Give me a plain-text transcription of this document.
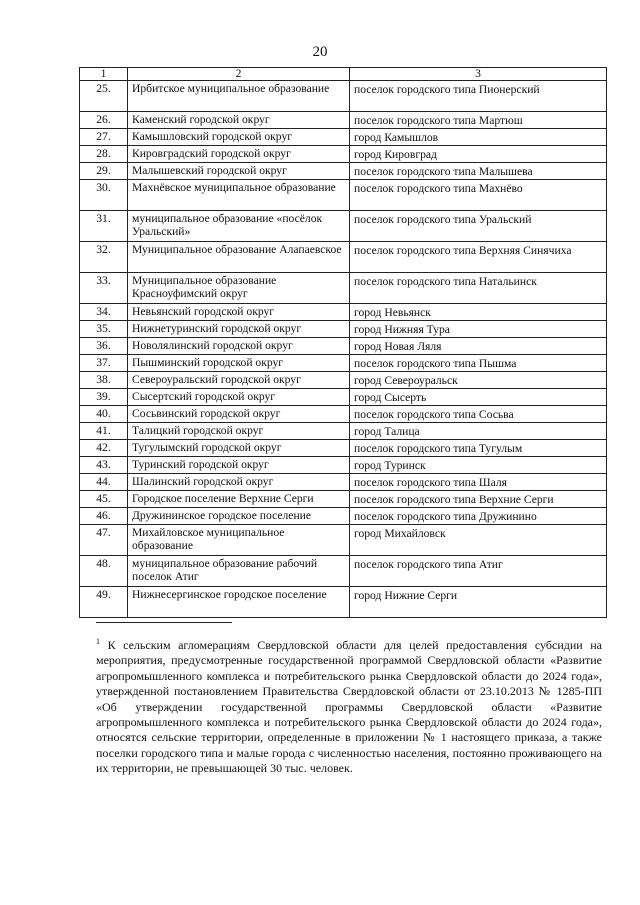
20
1	2	3
25.	Ирбитское муниципальное образование	поселок городского типа Пионерский
26.	Каменский городской округ	поселок городского типа Мартюш
27.	Камышловский городской округ	город Камышлов
28.	Кировградский городской округ	город Кировград
29.	Малышевский городской округ	поселок городского типа Малышева
30.	Махнёвское муниципальное образование	поселок городского типа Махнёво
31.	муниципальное образование «посёлок Уральский»	поселок городского типа Уральский
32.	Муниципальное образование Алапаевское	поселок городского типа Верхняя Синячиха
33.	Муниципальное образование Красноуфимский округ	поселок городского типа Натальинск
34.	Невьянский городской округ	город Невьянск
35.	Нижнетуринский городской округ	город Нижняя Тура
36.	Новолялинский городской округ	город Новая Ляля
37.	Пышминский городской округ	поселок городского типа Пышма
38.	Североуральский городской округ	город Североуральск
39.	Сысертский городской округ	город Сысерть
40.	Сосьвинский городской округ	поселок городского типа Сосьва
41.	Талицкий городской округ	город Талица
42.	Тугулымский городской округ	поселок городского типа Тугулым
43.	Туринский городской округ	город Туринск
44.	Шалинский городской округ	поселок городского типа Шаля
45.	Городское поселение Верхние Серги	поселок городского типа Верхние Серги
46.	Дружининское городское поселение	поселок городского типа Дружинино
47.	Михайловское муниципальное образование	город Михайловск
48.	муниципальное образование рабочий поселок Атиг	поселок городского типа Атиг
49.	Нижнесергинское городское поселение	город Нижние Серги
$^1$ К сельским агломерациям Свердловской области для целей предоставления субсидии на мероприятия, предусмотренные государственной программой Свердловской области «Развитие агропромышленного комплекса и потребительского рынка Свердловской области до 2024 года», утвержденной постановлением Правительства Свердловской области от 23.10.2013 № 1285-ПП «Об утверждении государственной программы Свердловской области «Развитие агропромышленного комплекса и потребительского рынка Свердловской области до 2024 года», относятся сельские территории, определенные в приложении № 1 настоящего приказа, а также поселки городского типа и малые города с численностью населения, постоянно проживающего на их территории, не превышающей 30 тыс. человек.
